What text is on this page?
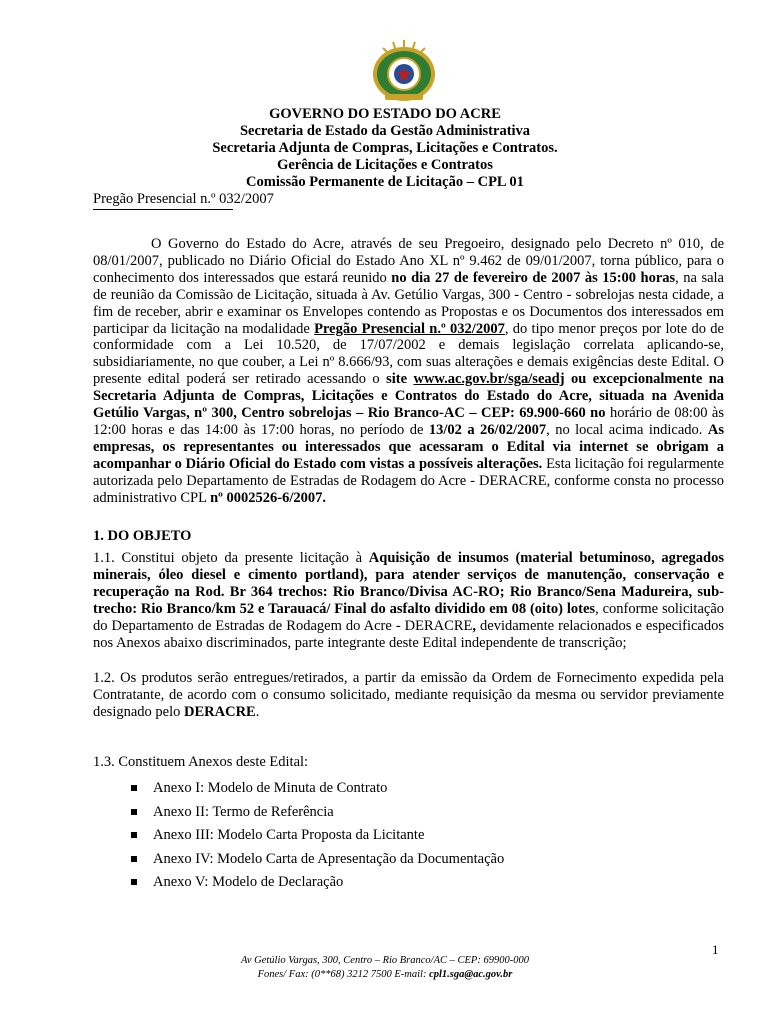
GOVERNO DO ESTADO DO ACRE
Secretaria de Estado da Gestão Administrativa
Secretaria Adjunta de Compras, Licitações e Contratos.
Gerência de Licitações e Contratos
Comissão Permanente de Licitação – CPL 01
Pregão Presencial n.º 032/2007
O Governo do Estado do Acre, através de seu Pregoeiro, designado pelo Decreto nº 010, de 08/01/2007, publicado no Diário Oficial do Estado Ano XL nº 9.462 de 09/01/2007, torna público, para o conhecimento dos interessados que estará reunido no dia 27 de fevereiro de 2007 às 15:00 horas, na sala de reunião da Comissão de Licitação, situada à Av. Getúlio Vargas, 300 - Centro - sobrelojas nesta cidade, a fim de receber, abrir e examinar os Envelopes contendo as Propostas e os Documentos dos interessados em participar da licitação na modalidade Pregão Presencial n.º 032/2007, do tipo menor preços por lote do de conformidade com a Lei 10.520, de 17/07/2002 e demais legislação correlata aplicando-se, subsidiariamente, no que couber, a Lei nº 8.666/93, com suas alterações e demais exigências deste Edital. O presente edital poderá ser retirado acessando o site www.ac.gov.br/sga/seadj ou excepcionalmente na Secretaria Adjunta de Compras, Licitações e Contratos do Estado do Acre, situada na Avenida Getúlio Vargas, nº 300, Centro sobrelojas – Rio Branco-AC – CEP: 69.900-660 no horário de 08:00 às 12:00 horas e das 14:00 às 17:00 horas, no período de 13/02 a 26/02/2007, no local acima indicado. As empresas, os representantes ou interessados que acessaram o Edital via internet se obrigam a acompanhar o Diário Oficial do Estado com vistas a possíveis alterações. Esta licitação foi regularmente autorizada pelo Departamento de Estradas de Rodagem do Acre - DERACRE, conforme consta no processo administrativo CPL nº 0002526-6/2007.
1. DO OBJETO
1.1. Constitui objeto da presente licitação à Aquisição de insumos (material betuminoso, agregados minerais, óleo diesel e cimento portland), para atender serviços de manutenção, conservação e recuperação na Rod. Br 364 trechos: Rio Branco/Divisa AC-RO; Rio Branco/Sena Madureira, sub-trecho: Rio Branco/km 52 e Tarauacá/ Final do asfalto dividido em 08 (oito) lotes, conforme solicitação do Departamento de Estradas de Rodagem do Acre - DERACRE, devidamente relacionados e especificados nos Anexos abaixo discriminados, parte integrante deste Edital independente de transcrição;
1.2. Os produtos serão entregues/retirados, a partir da emissão da Ordem de Fornecimento expedida pela Contratante, de acordo com o consumo solicitado, mediante requisição da mesma ou servidor previamente designado pelo DERACRE.
1.3. Constituem Anexos deste Edital:
Anexo I: Modelo de Minuta de Contrato
Anexo II: Termo de Referência
Anexo III: Modelo Carta Proposta da Licitante
Anexo IV: Modelo Carta de Apresentação da Documentação
Anexo V: Modelo de Declaração
1
Av Getúlio Vargas, 300, Centro – Rio Branco/AC – CEP: 69900-000
Fones/ Fax: (0**68) 3212 7500 E-mail: cpl1.sga@ac.gov.br
